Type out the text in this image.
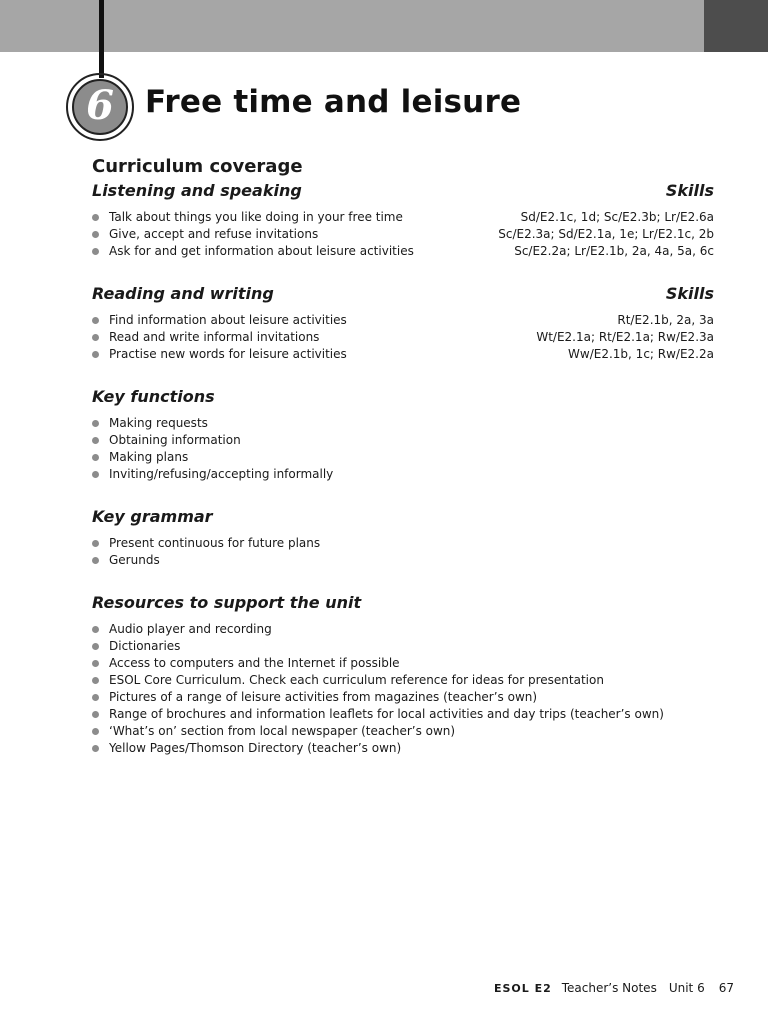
6 Free time and leisure
Curriculum coverage
Listening and speaking	Skills
Talk about things you like doing in your free time	Sd/E2.1c, 1d; Sc/E2.3b; Lr/E2.6a
Give, accept and refuse invitations	Sc/E2.3a; Sd/E2.1a, 1e; Lr/E2.1c, 2b
Ask for and get information about leisure activities	Sc/E2.2a; Lr/E2.1b, 2a, 4a, 5a, 6c
Reading and writing	Skills
Find information about leisure activities	Rt/E2.1b, 2a, 3a
Read and write informal invitations	Wt/E2.1a; Rt/E2.1a; Rw/E2.3a
Practise new words for leisure activities	Ww/E2.1b, 1c; Rw/E2.2a
Key functions
Making requests
Obtaining information
Making plans
Inviting/refusing/accepting informally
Key grammar
Present continuous for future plans
Gerunds
Resources to support the unit
Audio player and recording
Dictionaries
Access to computers and the Internet if possible
ESOL Core Curriculum. Check each curriculum reference for ideas for presentation
Pictures of a range of leisure activities from magazines (teacher’s own)
Range of brochures and information leaflets for local activities and day trips (teacher’s own)
‘What’s on’ section from local newspaper (teacher’s own)
Yellow Pages/Thomson Directory (teacher’s own)
ESOL E2 Teacher’s Notes Unit 6 67
